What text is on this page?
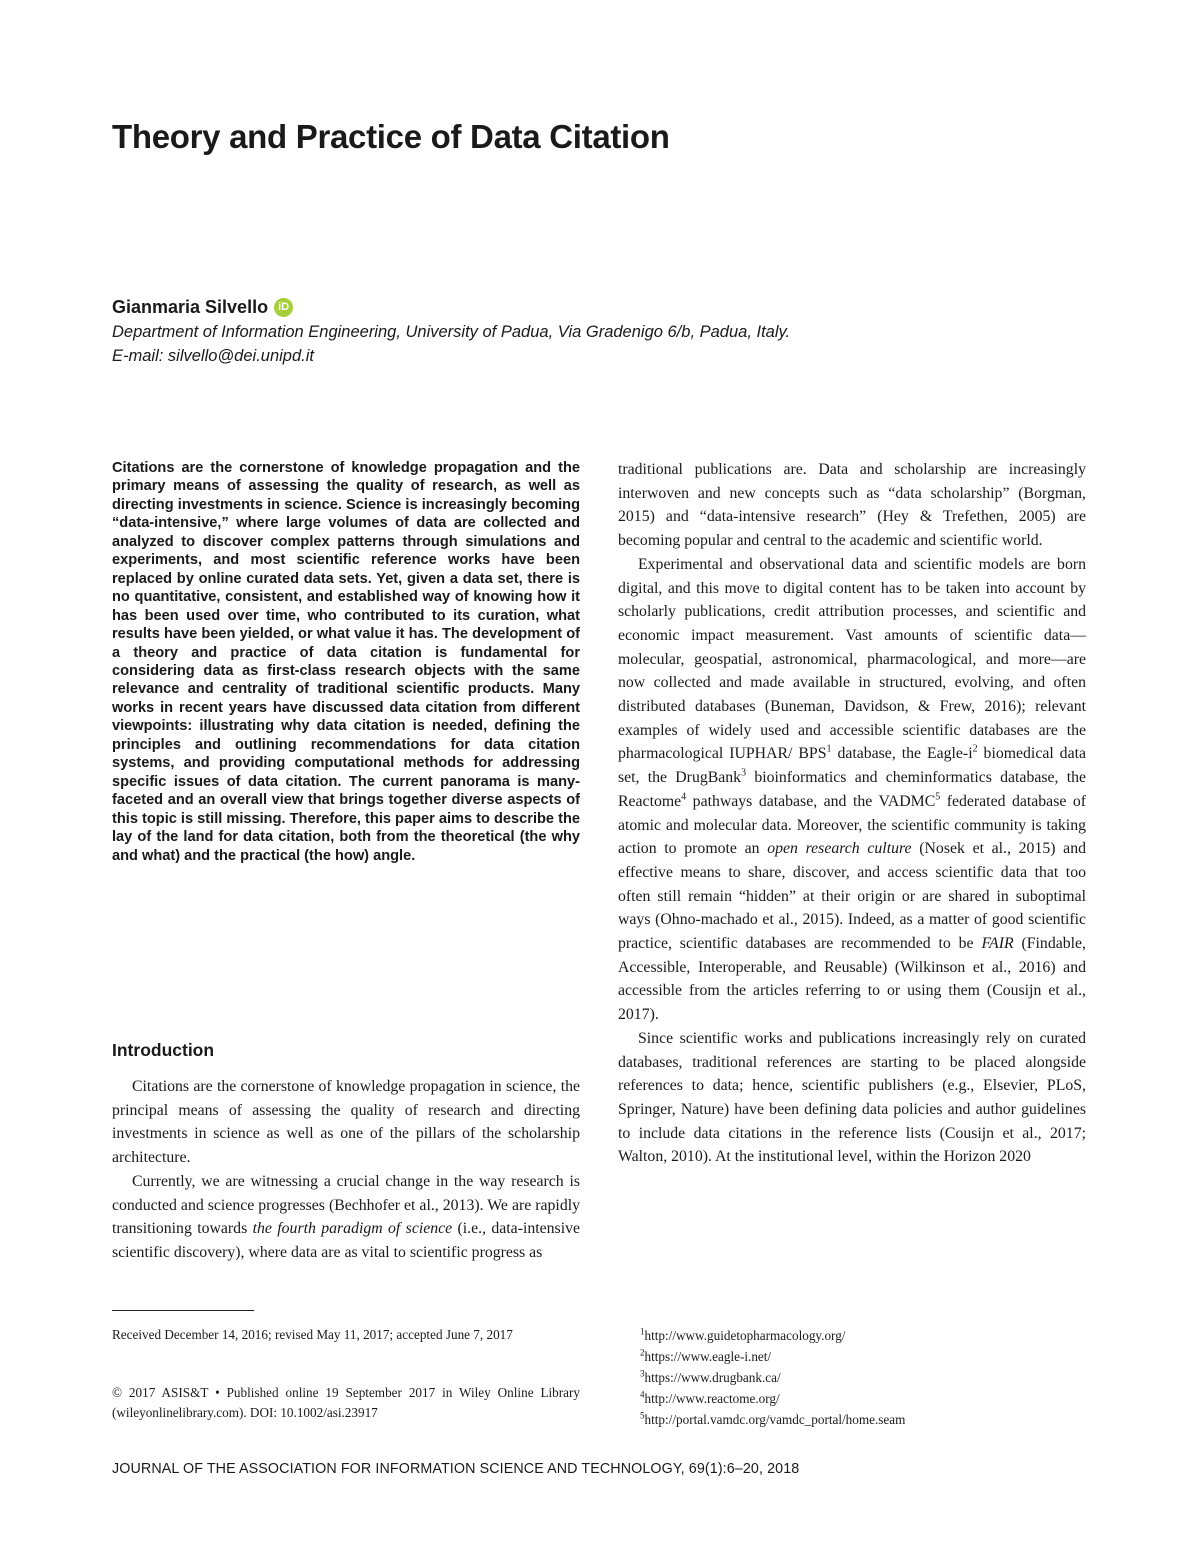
Theory and Practice of Data Citation
Gianmaria Silvello iD
Department of Information Engineering, University of Padua, Via Gradenigo 6/b, Padua, Italy.
E-mail: silvello@dei.unipd.it

Citations are the cornerstone of knowledge propagation and the primary means of assessing the quality of research, as well as directing investments in science. Science is increasingly becoming “data-intensive,” where large volumes of data are collected and analyzed to discover complex patterns through simulations and experiments, and most scientific reference works have been replaced by online curated data sets. Yet, given a data set, there is no quantitative, consistent, and established way of knowing how it has been used over time, who contributed to its curation, what results have been yielded, or what value it has. The development of a theory and practice of data citation is fundamental for considering data as first-class research objects with the same relevance and centrality of traditional scientific products. Many works in recent years have discussed data citation from different viewpoints: illustrating why data citation is needed, defining the principles and outlining recommendations for data citation systems, and providing computational methods for addressing specific issues of data citation. The current panorama is many-faceted and an overall view that brings together diverse aspects of this topic is still missing. Therefore, this paper aims to describe the lay of the land for data citation, both from the theoretical (the why and what) and the practical (the how) angle.

Introduction

Citations are the cornerstone of knowledge propagation in science, the principal means of assessing the quality of research and directing investments in science as well as one of the pillars of the scholarship architecture.

Currently, we are witnessing a crucial change in the way research is conducted and science progresses (Bechhofer et al., 2013). We are rapidly transitioning towards the fourth paradigm of science (i.e., data-intensive scientific discovery), where data are as vital to scientific progress as

traditional publications are. Data and scholarship are increasingly interwoven and new concepts such as “data scholarship” (Borgman, 2015) and “data-intensive research” (Hey & Trefethen, 2005) are becoming popular and central to the academic and scientific world.

Experimental and observational data and scientific models are born digital, and this move to digital content has to be taken into account by scholarly publications, credit attribution processes, and scientific and economic impact measurement. Vast amounts of scientific data—molecular, geospatial, astronomical, pharmacological, and more—are now collected and made available in structured, evolving, and often distributed databases (Buneman, Davidson, & Frew, 2016); relevant examples of widely used and accessible scientific databases are the pharmacological IUPHAR/ BPS$^1$ database, the Eagle-$i^2$ biomedical data set, the DrugBank$^3$ bioinformatics and cheminformatics database, the Reactome$^4$ pathways database, and the VADMC$^5$ federated database of atomic and molecular data. Moreover, the scientific community is taking action to promote an open research culture (Nosek et al., 2015) and effective means to share, discover, and access scientific data that too often still remain “hidden” at their origin or are shared in suboptimal ways (Ohno-machado et al., 2015). Indeed, as a matter of good scientific practice, scientific databases are recommended to be FAIR (Findable, Accessible, Interoperable, and Reusable) (Wilkinson et al., 2016) and accessible from the articles referring to or using them (Cousijn et al., 2017).

Since scientific works and publications increasingly rely on curated databases, traditional references are starting to be placed alongside references to data; hence, scientific publishers (e.g., Elsevier, PLoS, Springer, Nature) have been defining data policies and author guidelines to include data citations in the reference lists (Cousijn et al., 2017; Walton, 2010). At the institutional level, within the Horizon 2020

Received December 14, 2016; revised May 11, 2017; accepted June 7, 2017

© 2017 ASIS&T • Published online 19 September 2017 in Wiley Online Library (wileyonlinelibrary.com). DOI: 10.1002/asi.23917

$^1$http://www.guidetopharmacology.org/
$^2$https://www.eagle-i.net/
$^3$https://www.drugbank.ca/
$^4$http://www.reactome.org/
$^5$http://portal.vamdc.org/vamdc_portal/home.seam

JOURNAL OF THE ASSOCIATION FOR INFORMATION SCIENCE AND TECHNOLOGY, 69(1):6–20, 2018
